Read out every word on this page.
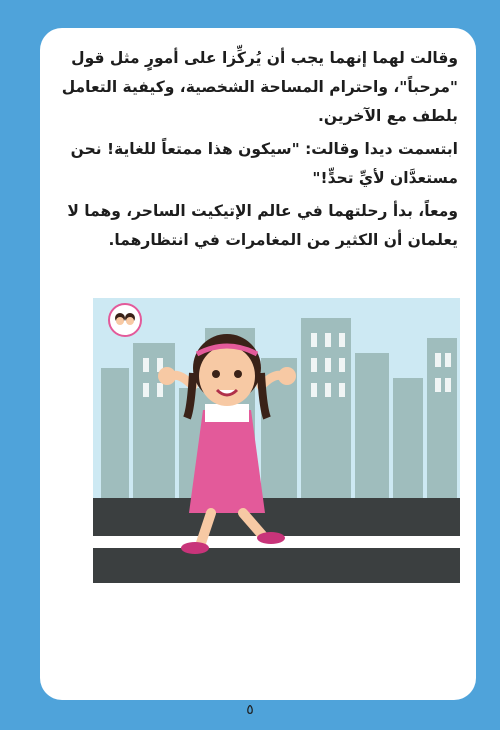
وقالت لهما إنهما يجب أن يُركِّزا على أمورٍ مثل قول "مرحباً"، واحترام المساحة الشخصية، وكيفية التعامل بلطف مع الآخرين.

ابتسمت ديدا وقالت: "سيكون هذا ممتعاً للغاية! نحن مستعدَّان لأيِّ تحدٍّ!"

ومعاً، بدأ رحلتهما في عالم الإتيكيت الساحر، وهما لا يعلمان أن الكثير من المغامرات في انتظارهما.

٥
